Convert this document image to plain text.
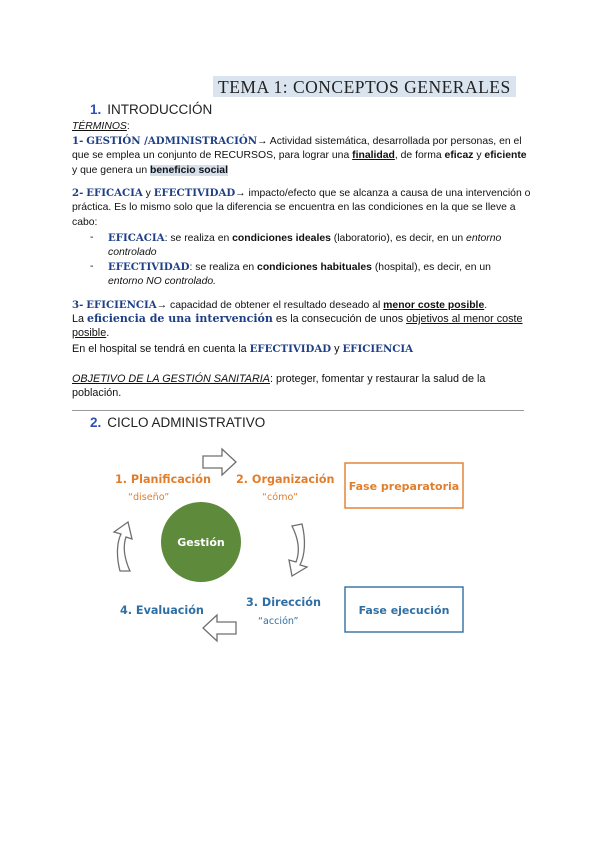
TEMA 1: CONCEPTOS GENERALES
1. INTRODUCCIÓN
TÉRMINOS:
1- GESTIÓN /ADMINISTRACIÓN→ Actividad sistemática, desarrollada por personas, en el que se emplea un conjunto de RECURSOS, para lograr una finalidad, de forma eficaz y eficiente y que genera un beneficio social
2- EFICACIA y EFECTIVIDAD→ impacto/efecto que se alcanza a causa de una intervención o práctica. Es lo mismo solo que la diferencia se encuentra en las condiciones en la que se lleve a cabo:
- EFICACIA: se realiza en condiciones ideales (laboratorio), es decir, en un entorno controlado
- EFECTIVIDAD: se realiza en condiciones habituales (hospital), es decir, en un entorno NO controlado.
3- EFICIENCIA→ capacidad de obtener el resultado deseado al menor coste posible.
La eficiencia de una intervención es la consecución de unos objetivos al menor coste posible.
En el hospital se tendrá en cuenta la EFECTIVIDAD y EFICIENCIA
OBJETIVO DE LA GESTIÓN SANITARIA: proteger, fomentar y restaurar la salud de la población.
2. CICLO ADMINISTRATIVO
Gestión
1. Planificación
“diseño”
2. Organización
“cómo”
3. Dirección
“acción”
4. Evaluación
Fase preparatoria
Fase ejecución
